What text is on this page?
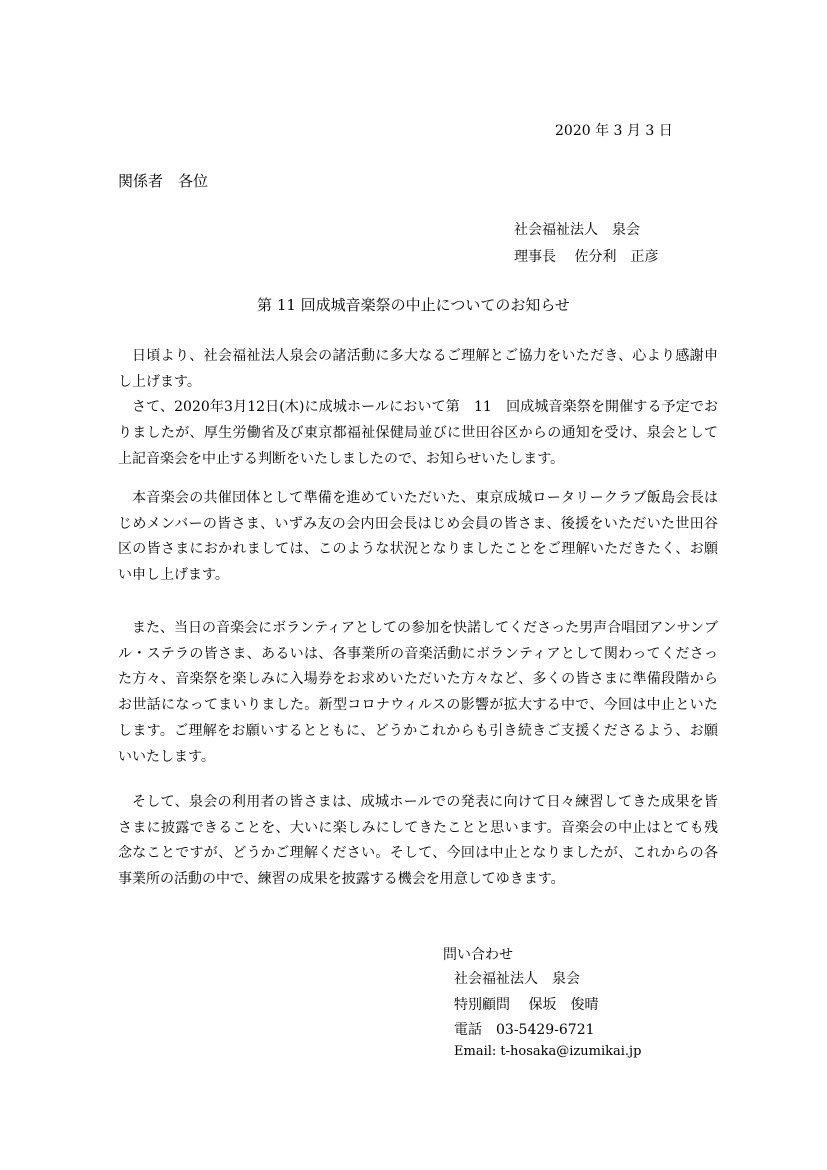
2020 年 3 月 3 日
関係者　各位
社会福祉法人　泉会
理事長　 佐分利　正彦
第 11 回成城音楽祭の中止についてのお知らせ

日頃より、社会福祉法人泉会の諸活動に多大なるご理解とご協力をいただき、心より感謝申し上げます。

さて、2020年3月12日(木)に成城ホールにおいて第　11　回成城音楽祭を開催する予定でおりましたが、厚生労働省及び東京都福祉保健局並びに世田谷区からの通知を受け、泉会として上記音楽会を中止する判断をいたしましたので、お知らせいたします。

本音楽会の共催団体として準備を進めていただいた、東京成城ロータリークラブ飯島会長はじめメンバーの皆さま、いずみ友の会内田会長はじめ会員の皆さま、後援をいただいた世田谷区の皆さまにおかれましては、このような状況となりましたことをご理解いただきたく、お願い申し上げます。

また、当日の音楽会にボランティアとしての参加を快諾してくださった男声合唱団アンサンブル・ステラの皆さま、あるいは、各事業所の音楽活動にボランティアとして関わってくださった方々、音楽祭を楽しみに入場券をお求めいただいた方々など、多くの皆さまに準備段階からお世話になってまいりました。新型コロナウィルスの影響が拡大する中で、今回は中止といたします。ご理解をお願いするとともに、どうかこれからも引き続きご支援くださるよう、お願いいたします。

そして、泉会の利用者の皆さまは、成城ホールでの発表に向けて日々練習してきた成果を皆さまに披露できることを、大いに楽しみにしてきたことと思います。音楽会の中止はとても残念なことですが、どうかご理解ください。そして、今回は中止となりましたが、これからの各事業所の活動の中で、練習の成果を披露する機会を用意してゆきます。

問い合わせ
社会福祉法人　泉会
特別顧問　 保坂　俊晴
電話　03-5429-6721
Email: t-hosaka@izumikai.jp
